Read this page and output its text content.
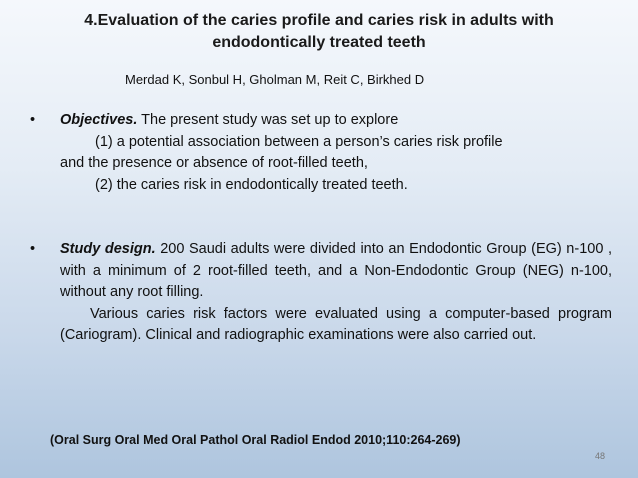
4.Evaluation of the caries profile and caries risk in adults with
endodontically treated teeth
Merdad K, Sonbul H, Gholman M, Reit C, Birkhed D
• Objectives. The present study was set up to explore
(1) a potential association between a person’s caries risk profile
and the presence or absence of root-filled teeth,
(2) the caries risk in endodontically treated teeth.
• Study design. 200 Saudi adults were divided into an Endodontic Group (EG) n-100 , with a minimum of 2 root-filled teeth, and a Non-Endodontic Group (NEG) n-100, without any root filling.
Various caries risk factors were evaluated using a computer-based program (Cariogram). Clinical and radiographic examinations were also carried out.
(Oral Surg Oral Med Oral Pathol Oral Radiol Endod 2010;110:264-269)
48
